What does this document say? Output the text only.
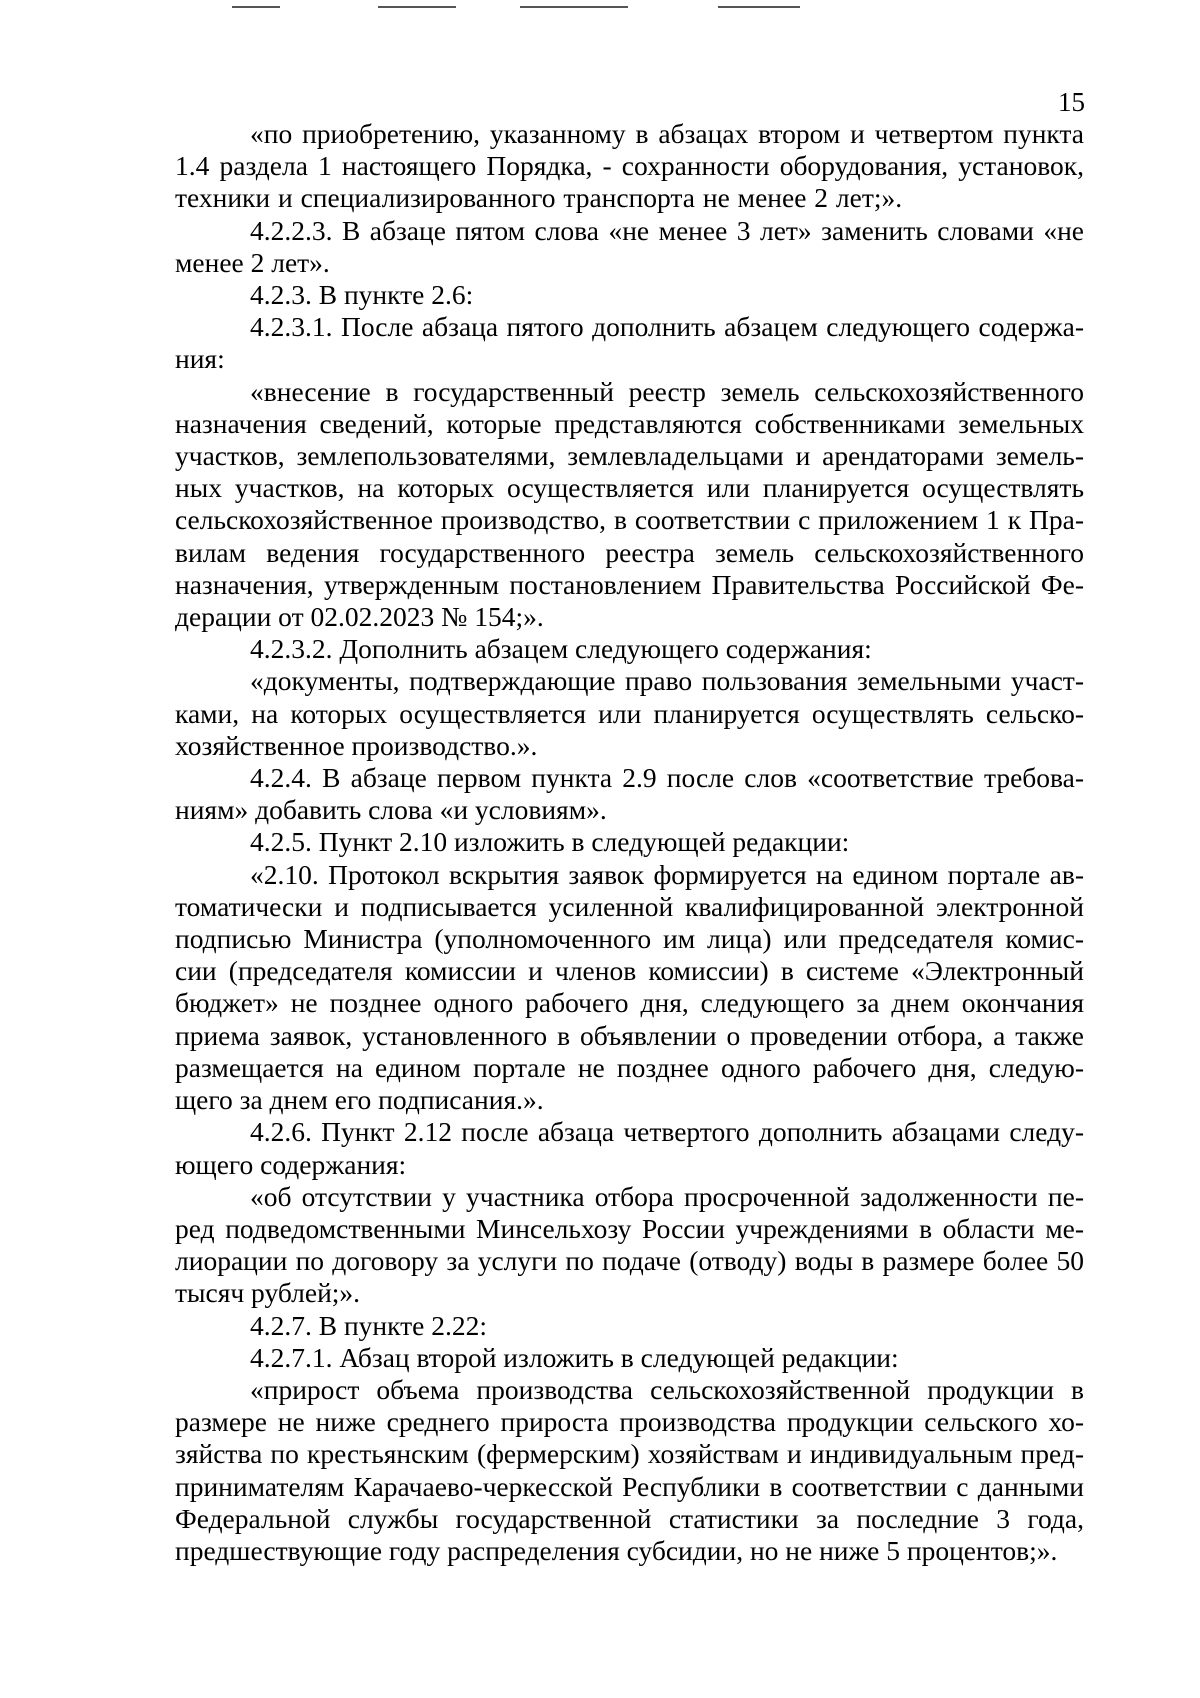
15

«по приобретению, указанному в абзацах втором и четвертом пункта 1.4 раздела 1 настоящего Порядка, - сохранности оборудования, установок, техники и специализированного транспорта не менее 2 лет;».

4.2.2.3. В абзаце пятом слова «не менее 3 лет» заменить словами «не менее 2 лет».

4.2.3. В пункте 2.6:

4.2.3.1. После абзаца пятого дополнить абзацем следующего содержа-ния:

«внесение в государственный реестр земель сельскохозяйственного назначения сведений, которые представляются собственниками земельных участков, землепользователями, землевладельцами и арендаторами земель-ных участков, на которых осуществляется или планируется осуществлять сельскохозяйственное производство, в соответствии с приложением 1 к Пра-вилам ведения государственного реестра земель сельскохозяйственного назначения, утвержденным постановлением Правительства Российской Фе-дерации от 02.02.2023 № 154;».

4.2.3.2. Дополнить абзацем следующего содержания:

«документы, подтверждающие право пользования земельными участ-ками, на которых осуществляется или планируется осуществлять сельско-хозяйственное производство.».

4.2.4. В абзаце первом пункта 2.9 после слов «соответствие требова-ниям» добавить слова «и условиям».

4.2.5. Пункт 2.10 изложить в следующей редакции:

«2.10. Протокол вскрытия заявок формируется на едином портале ав-томатически и подписывается усиленной квалифицированной электронной подписью Министра (уполномоченного им лица) или председателя комис-сии (председателя комиссии и членов комиссии) в системе «Электронный бюджет» не позднее одного рабочего дня, следующего за днем окончания приема заявок, установленного в объявлении о проведении отбора, а также размещается на едином портале не позднее одного рабочего дня, следую-щего за днем его подписания.».

4.2.6. Пункт 2.12 после абзаца четвертого дополнить абзацами следу-ющего содержания:

«об отсутствии у участника отбора просроченной задолженности пе-ред подведомственными Минсельхозу России учреждениями в области ме-лиорации по договору за услуги по подаче (отводу) воды в размере более 50 тысяч рублей;».

4.2.7. В пункте 2.22:

4.2.7.1. Абзац второй изложить в следующей редакции:

«прирост объема производства сельскохозяйственной продукции в размере не ниже среднего прироста производства продукции сельского хо-зяйства по крестьянским (фермерским) хозяйствам и индивидуальным пред-принимателям Карачаево-черкесской Республики в соответствии с данными Федеральной службы государственной статистики за последние 3 года, предшествующие году распределения субсидии, но не ниже 5 процентов;».
